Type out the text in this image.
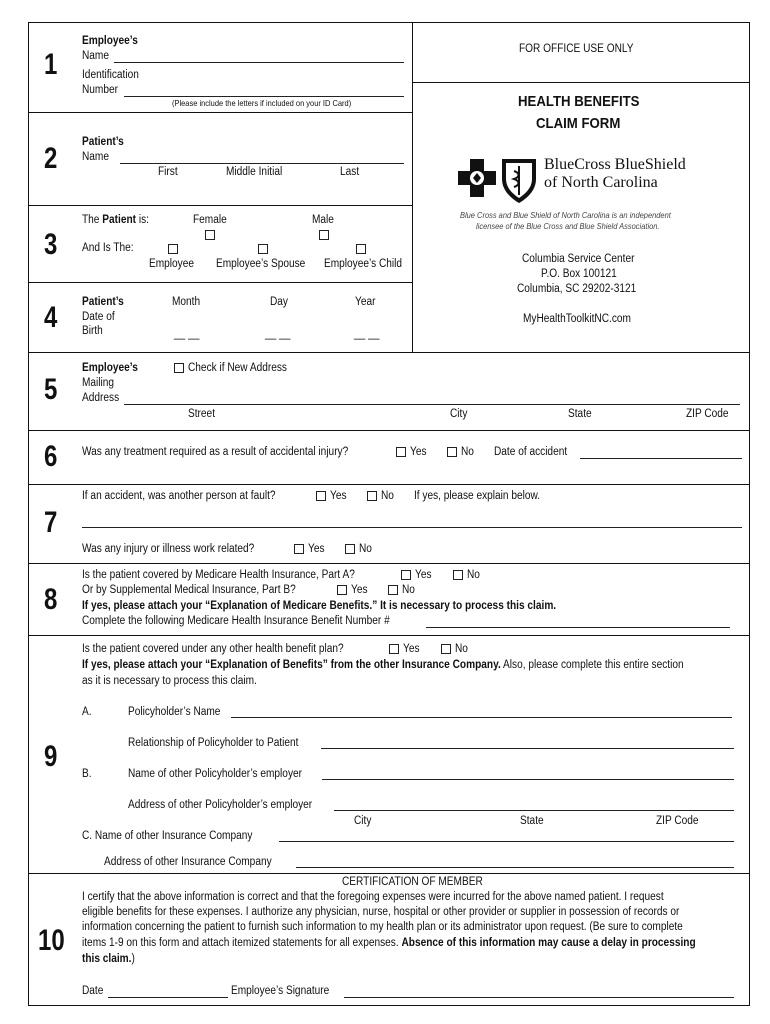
1
Employee’s
Name
Identification
Number
(Please include the letters if included on your ID Card)
2 Patient’s
Name
First	Middle Initial	Last
3
The Patient is:	Female	Male
And Is The:
Employee Employee’s Spouse Employee’s Child
4 Patient’s
Date of
Birth
Month	Day	Year
__ __	__ __	__ __
FOR OFFICE USE ONLY
HEALTH BENEFITS
CLAIM FORM
BlueCross BlueShield
of North Carolina
Blue Cross and Blue Shield of North Carolina is an independent
licensee of the Blue Cross and Blue Shield Association.
Columbia Service Center
P.O. Box 100121
Columbia, SC 29202-3121
MyHealthToolkitNC.com
5
Employee’s
Mailing
Address
Check if New Address
Street	City	State	ZIP Code
6 Was any treatment required as a result of accidental injury?	Yes	No Date of accident
7
If an accident, was another person at fault?	Yes	No If yes, please explain below.
Was any injury or illness work related?	Yes	No
8
Is the patient covered by Medicare Health Insurance, Part A?	Yes	No
Or by Supplemental Medical Insurance, Part B?	Yes	No
If yes, please attach your “Explanation of Medicare Benefits.” It is necessary to process this claim.
Complete the following Medicare Health Insurance Benefit Number #
9
Is the patient covered under any other health benefit plan?	Yes	No
If yes, please attach your “Explanation of Benefits” from the other Insurance Company. Also, please complete this entire section
as it is necessary to process this claim.
A.	Policyholder’s Name
Relationship of Policyholder to Patient
B.	Name of other Policyholder’s employer
Address of other Policyholder’s employer
City	State	ZIP Code
C. Name of other Insurance Company
Address of other Insurance Company
10
CERTIFICATION OF MEMBER
I certify that the above information is correct and that the foregoing expenses were incurred for the above named patient. I request
eligible benefits for these expenses. I authorize any physician, nurse, hospital or other provider or supplier in possession of records or
information concerning the patient to furnish such information to my health plan or its administrator upon request. (Be sure to complete
items 1-9 on this form and attach itemized statements for all expenses. Absence of this information may cause a delay in processing
this claim.)
Date	Employee’s Signature
